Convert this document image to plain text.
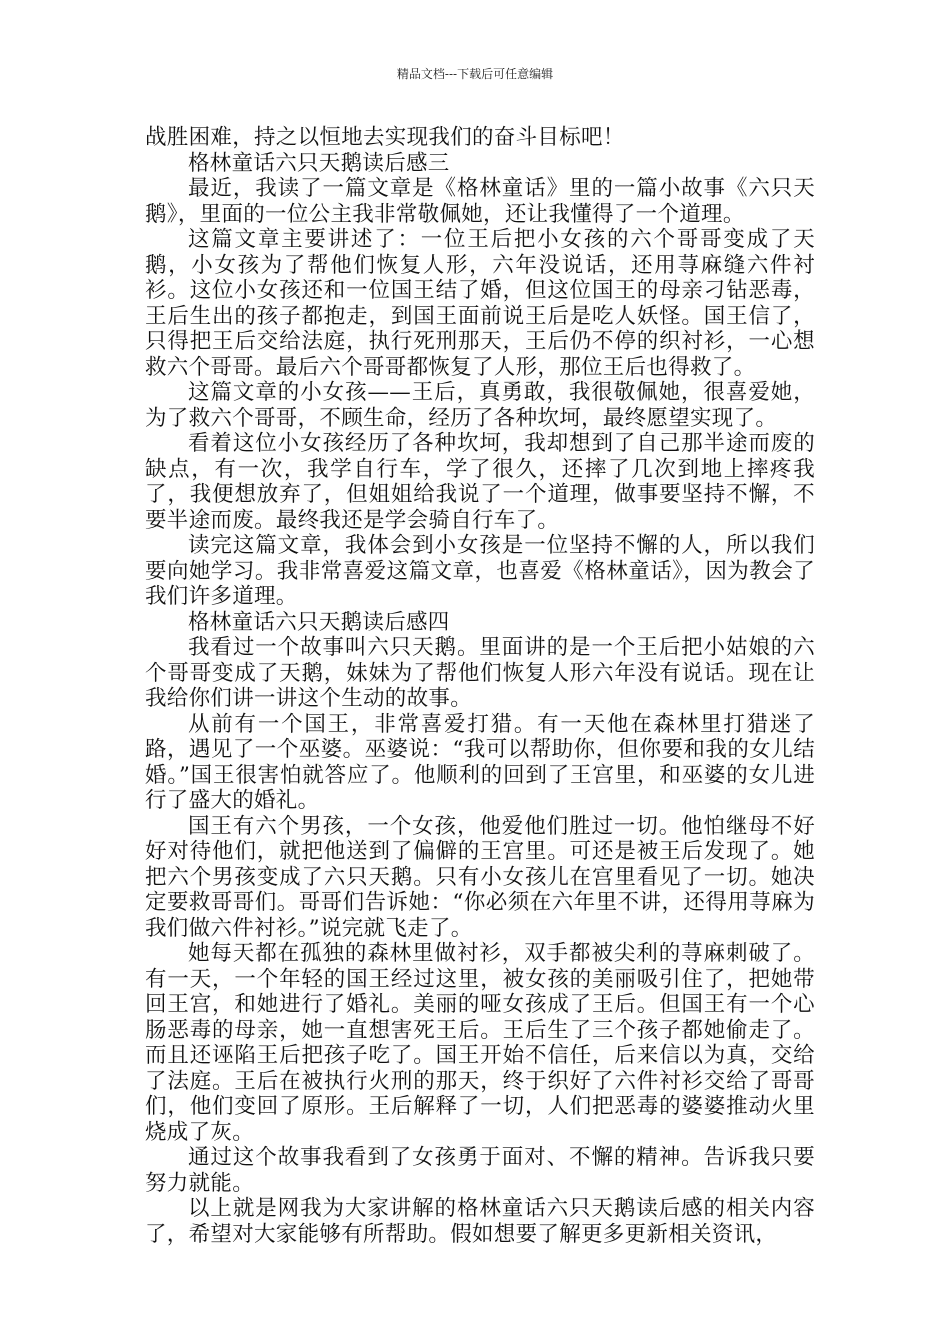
精品文档---下载后可任意编辑

战胜困难，持之以恒地去实现我们的奋斗目标吧！

格林童话六只天鹅读后感三

最近，我读了一篇文章是《格林童话》里的一篇小故事《六只天鹅》，里面的一位公主我非常敬佩她，还让我懂得了一个道理。

这篇文章主要讲述了：一位王后把小女孩的六个哥哥变成了天鹅，小女孩为了帮他们恢复人形，六年没说话，还用荨麻缝六件衬衫。这位小女孩还和一位国王结了婚，但这位国王的母亲刁钻恶毒，王后生出的孩子都抱走，到国王面前说王后是吃人妖怪。国王信了，只得把王后交给法庭，执行死刑那天，王后仍不停的织衬衫，一心想救六个哥哥。最后六个哥哥都恢复了人形，那位王后也得救了。

这篇文章的小女孩——王后，真勇敢，我很敬佩她，很喜爱她，为了救六个哥哥，不顾生命，经历了各种坎坷，最终愿望实现了。

看着这位小女孩经历了各种坎坷，我却想到了自己那半途而废的缺点，有一次，我学自行车，学了很久，还摔了几次到地上摔疼我了，我便想放弃了，但姐姐给我说了一个道理，做事要坚持不懈，不要半途而废。最终我还是学会骑自行车了。

读完这篇文章，我体会到小女孩是一位坚持不懈的人，所以我们要向她学习。我非常喜爱这篇文章，也喜爱《格林童话》，因为教会了我们许多道理。

格林童话六只天鹅读后感四

我看过一个故事叫六只天鹅。里面讲的是一个王后把小姑娘的六个哥哥变成了天鹅，妹妹为了帮他们恢复人形六年没有说话。现在让我给你们讲一讲这个生动的故事。

从前有一个国王，非常喜爱打猎。有一天他在森林里打猎迷了路，遇见了一个巫婆。巫婆说：“我可以帮助你，但你要和我的女儿结婚。”国王很害怕就答应了。他顺利的回到了王宫里，和巫婆的女儿进行了盛大的婚礼。

国王有六个男孩，一个女孩，他爱他们胜过一切。他怕继母不好好对待他们，就把他送到了偏僻的王宫里。可还是被王后发现了。她把六个男孩变成了六只天鹅。只有小女孩儿在宫里看见了一切。她决定要救哥哥们。哥哥们告诉她：“你必须在六年里不讲，还得用荨麻为我们做六件衬衫。”说完就飞走了。

她每天都在孤独的森林里做衬衫，双手都被尖利的荨麻刺破了。有一天，一个年轻的国王经过这里，被女孩的美丽吸引住了，把她带回王宫，和她进行了婚礼。美丽的哑女孩成了王后。但国王有一个心肠恶毒的母亲，她一直想害死王后。王后生了三个孩子都她偷走了。而且还诬陷王后把孩子吃了。国王开始不信任，后来信以为真，交给了法庭。王后在被执行火刑的那天，终于织好了六件衬衫交给了哥哥们，他们变回了原形。王后解释了一切，人们把恶毒的婆婆推动火里烧成了灰。

通过这个故事我看到了女孩勇于面对、不懈的精神。告诉我只要努力就能。

以上就是网我为大家讲解的格林童话六只天鹅读后感的相关内容了，希望对大家能够有所帮助。假如想要了解更多更新相关资讯，
